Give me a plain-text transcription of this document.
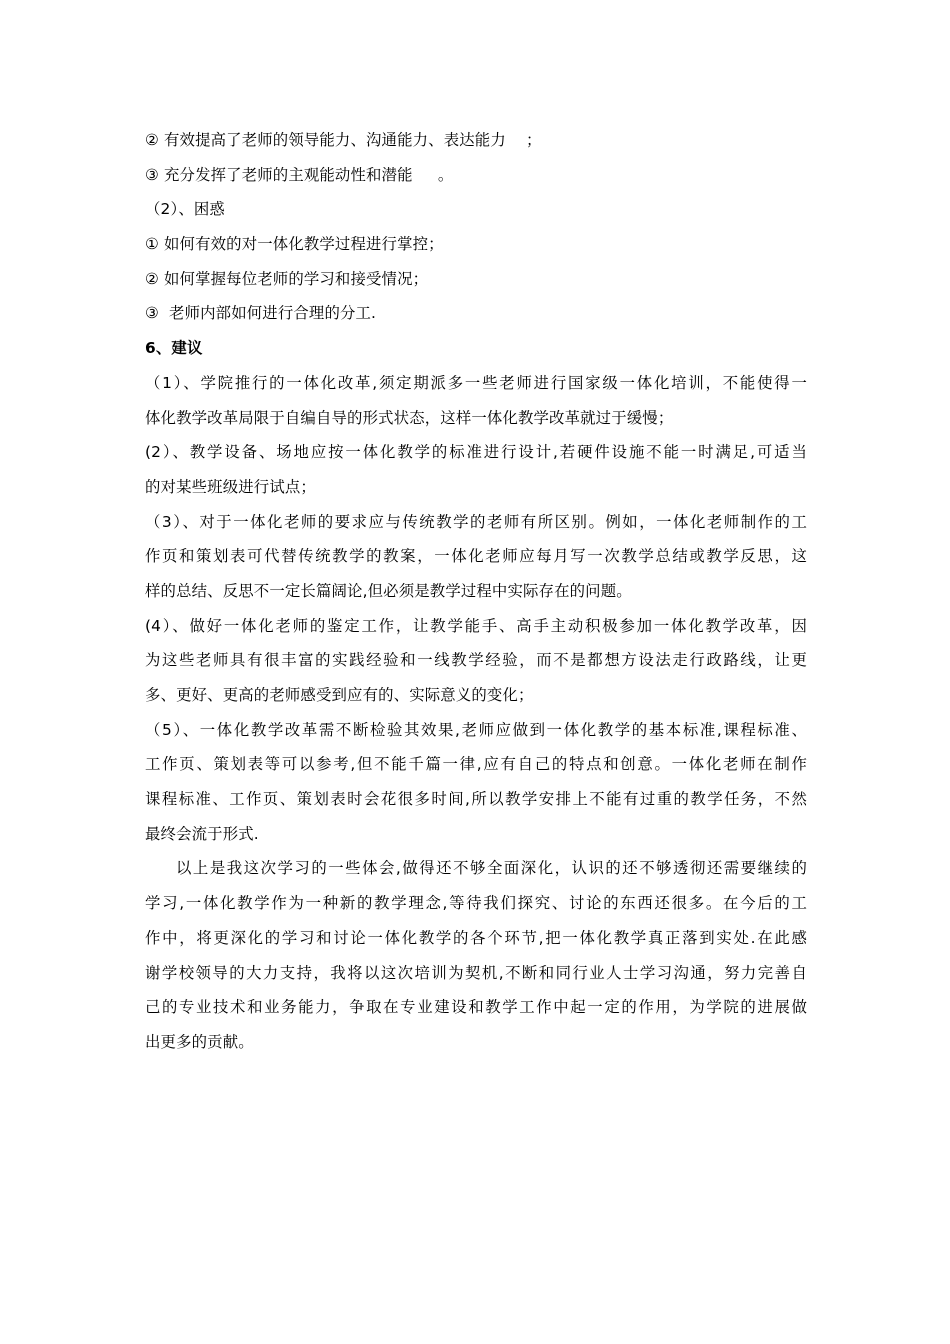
② 有效提高了老师的领导能力、沟通能力、表达能力    ；
③ 充分发挥了老师的主观能动性和潜能     。
（2）、困惑
① 如何有效的对一体化教学过程进行掌控；
② 如何掌握每位老师的学习和接受情况；
③  老师内部如何进行合理的分工.
6、建议
（1）、学院推行的一体化改革,须定期派多一些老师进行国家级一体化培训，不能使得一
体化教学改革局限于自编自导的形式状态，这样一体化教学改革就过于缓慢；
(2）、教学设备、场地应按一体化教学的标准进行设计,若硬件设施不能一时满足,可适当
的对某些班级进行试点；
（3）、对于一体化老师的要求应与传统教学的老师有所区别。例如，一体化老师制作的工
作页和策划表可代替传统教学的教案，一体化老师应每月写一次教学总结或教学反思，这
样的总结、反思不一定长篇阔论,但必须是教学过程中实际存在的问题。
(4）、做好一体化老师的鉴定工作，让教学能手、高手主动积极参加一体化教学改革，因
为这些老师具有很丰富的实践经验和一线教学经验，而不是都想方设法走行政路线，让更
多、更好、更高的老师感受到应有的、实际意义的变化；
（5）、一体化教学改革需不断检验其效果,老师应做到一体化教学的基本标准,课程标准、
工作页、策划表等可以参考,但不能千篇一律,应有自己的特点和创意。一体化老师在制作
课程标准、工作页、策划表时会花很多时间,所以教学安排上不能有过重的教学任务，不然
最终会流于形式.
以上是我这次学习的一些体会,做得还不够全面深化，认识的还不够透彻还需要继续的
学习,一体化教学作为一种新的教学理念,等待我们探究、讨论的东西还很多。在今后的工
作中，将更深化的学习和讨论一体化教学的各个环节,把一体化教学真正落到实处.在此感
谢学校领导的大力支持，我将以这次培训为契机,不断和同行业人士学习沟通，努力完善自
己的专业技术和业务能力，争取在专业建设和教学工作中起一定的作用，为学院的进展做
出更多的贡献。
